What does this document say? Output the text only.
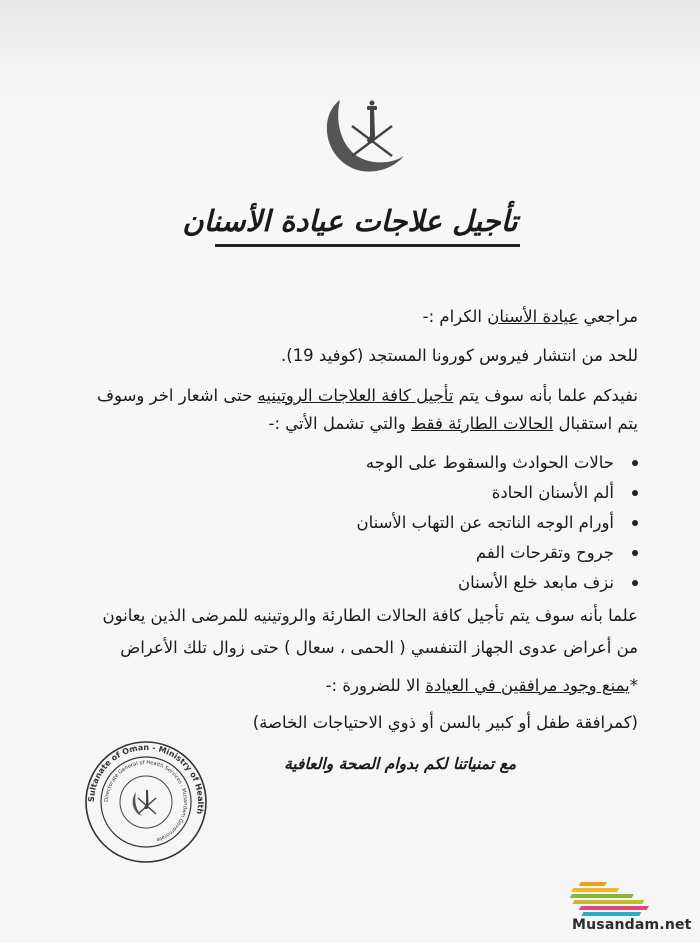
تأجيل علاجات عيادة الأسنان
مراجعي عيادة الأسنان الكرام :-
للحد من انتشار فيروس كورونا المستجد (كوفيد 19).
نفيدكم علما بأنه سوف يتم تأجيل كافة العلاجات الروتينيه حتى اشعار اخر وسوف
يتم استقبال الحالات الطارئة فقط والتي تشمل الأتي :-
حالات الحوادث والسقوط على الوجه
ألم الأسنان الحادة
أورام الوجه الناتجه عن التهاب الأسنان
جروح وتقرحات الفم
نزف مابعد خلع الأسنان
علما بأنه سوف يتم تأجيل كافة الحالات الطارئة والروتينيه للمرضى الذين يعانون
من أعراض عدوى الجهاز التنفسي ( الحمى ، سعال ) حتى زوال تلك الأعراض
*يمنع وجود مرافقين في العيادة الا للضرورة :-
(كمرافقة طفل أو كبير بالسن أو ذوي الاحتياجات الخاصة)
مع تمنياتنا لكم بدوام الصحة والعافية
Sultanate of Oman - Ministry of Health
Directorate General of Health Services - Musandam Governorate
Musandam.net
